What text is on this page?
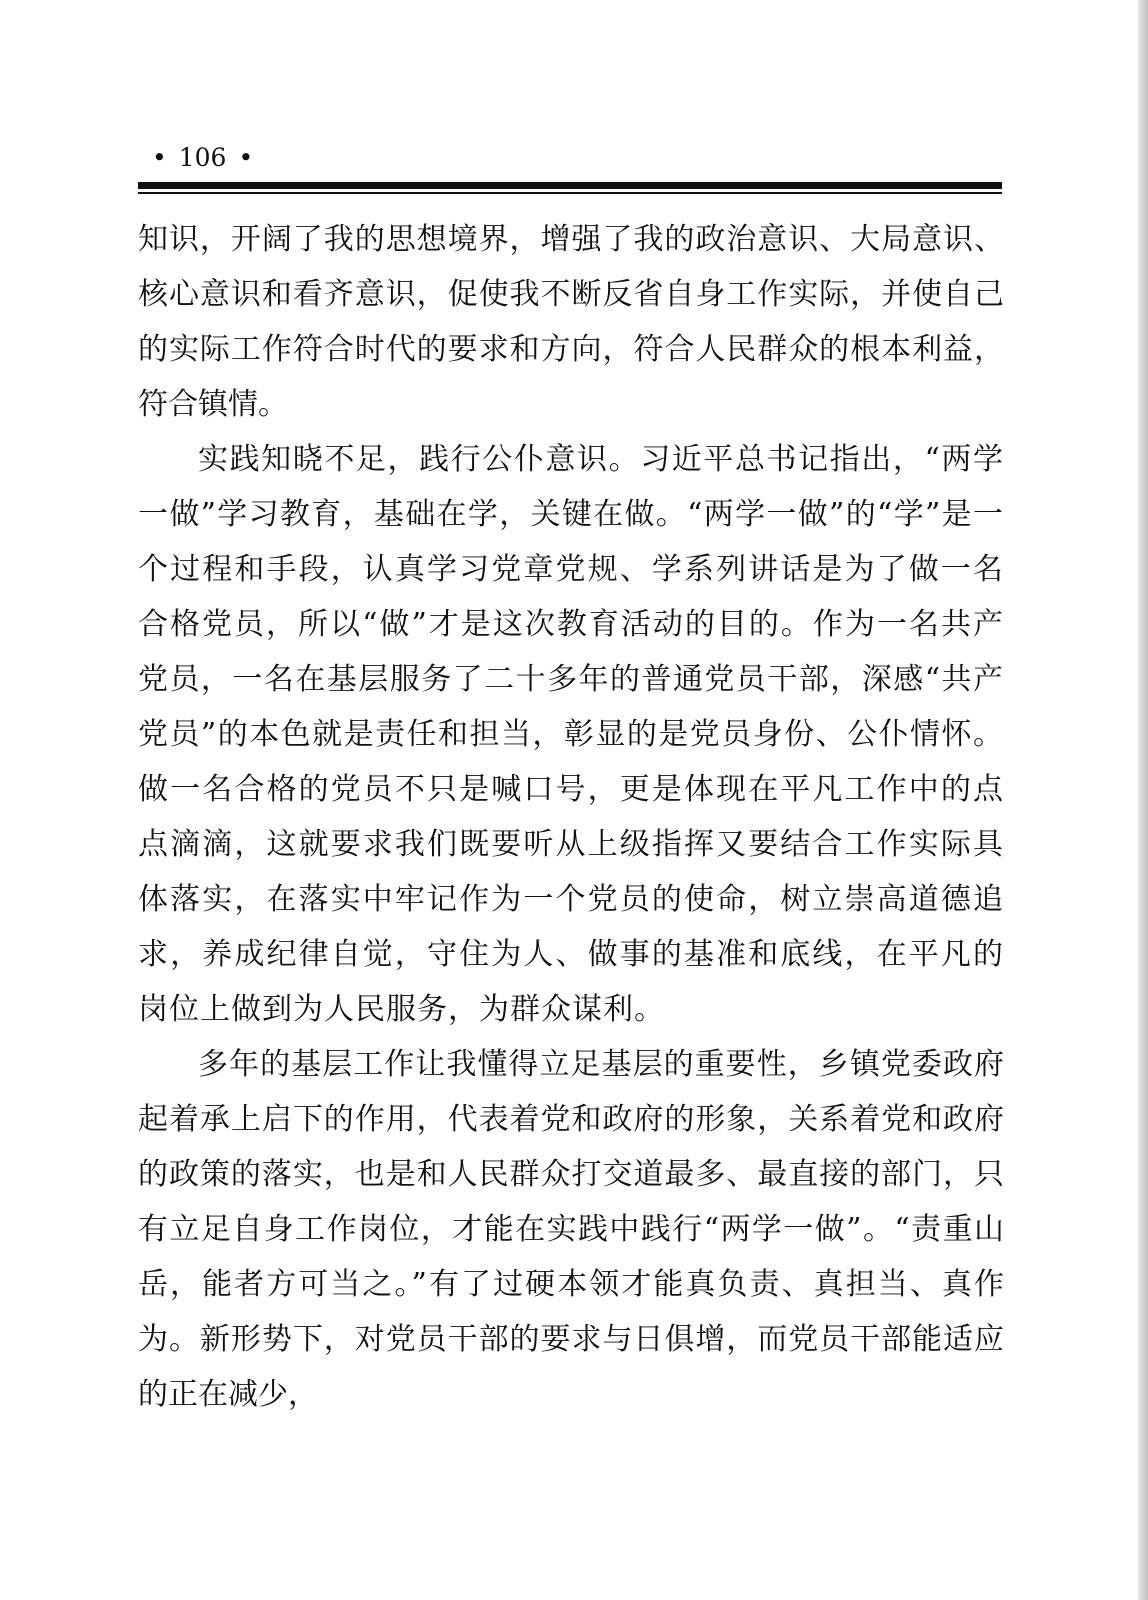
• 106 •

知识，开阔了我的思想境界，增强了我的政治意识、大局意识、核心意识和看齐意识，促使我不断反省自身工作实际，并使自己的实际工作符合时代的要求和方向，符合人民群众的根本利益，符合镇情。

实践知晓不足，践行公仆意识。习近平总书记指出，“两学一做”学习教育，基础在学，关键在做。“两学一做”的“学”是一个过程和手段，认真学习党章党规、学系列讲话是为了做一名合格党员，所以“做”才是这次教育活动的目的。作为一名共产党员，一名在基层服务了二十多年的普通党员干部，深感“共产党员”的本色就是责任和担当，彰显的是党员身份、公仆情怀。做一名合格的党员不只是喊口号，更是体现在平凡工作中的点点滴滴，这就要求我们既要听从上级指挥又要结合工作实际具体落实，在落实中牢记作为一个党员的使命，树立崇高道德追求，养成纪律自觉，守住为人、做事的基准和底线，在平凡的岗位上做到为人民服务，为群众谋利。

多年的基层工作让我懂得立足基层的重要性，乡镇党委政府起着承上启下的作用，代表着党和政府的形象，关系着党和政府的政策的落实，也是和人民群众打交道最多、最直接的部门，只有立足自身工作岗位，才能在实践中践行“两学一做”。“责重山岳，能者方可当之。”有了过硬本领才能真负责、真担当、真作为。新形势下，对党员干部的要求与日俱增，而党员干部能适应的正在减少，
